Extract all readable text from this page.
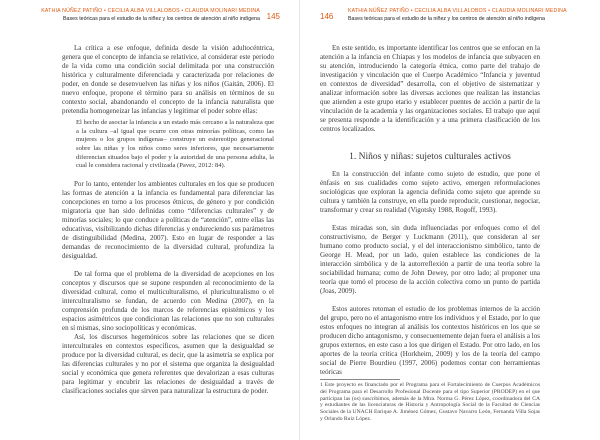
KATHIA NÚÑEZ PATIÑO • CECILIA ALBA VILLALOBOS • CLAUDIA MOLINARI MEDINA
Bases teóricas para el estudio de la niñez y los centros de atención al niño indígena 145

La crítica a ese enfoque, definida desde la visión adultocéntrica, genera que el concepto de infancia se relativice, al considerar este periodo de la vida como una condición social delimitada por una construcción histórica y culturalmente diferenciada y caracterizada por relaciones de poder, en donde se desenvuelven las niñas y los niños (Gaitán, 2006). El nuevo enfoque, propone el término para su análisis en términos de su contexto social, abandonando el concepto de la infancia naturalista que pretendía homogeneizar las infancias y legitimar el poder sobre ellas:

El hecho de asociar la infancia a un estado más cercano a la naturaleza que a la cultura –al igual que ocurre con otras minorías políticas, como las mujeres o los grupos indígenas– construye un estereotipo generacional sobre las niñas y los niños como seres inferiores, que necesariamente diferencian situados bajo el poder y la autoridad de una persona adulta, la cual le considera racional y civilizada (Pavez, 2012: 84).

Por lo tanto, entender los ambientes culturales en los que se producen las formas de atención a la infancia es fundamental para diferenciar las concepciones en torno a los procesos étnicos, de género y por condición migratoria que han sido definidas como “diferencias culturales” y de minorías sociales; lo que conduce a políticas de “atención”, entre ellas las educativas, visibilizando dichas diferencias y endureciendo sus parámetros de distinguibilidad (Medina, 2007). Esto en lugar de responder a las demandas de reconocimiento de la diversidad cultural, profundiza la desigualdad.

De tal forma que el problema de la diversidad de acepciones en los conceptos y discursos que se supone responden al reconocimiento de la diversidad cultural, como el multiculturalismo, el pluriculturalismo o el interculturalismo se fundan, de acuerdo con Medina (2007), en la comprensión profunda de los marcos de referencias epistémicos y los espacios asimétricos que condicionan las relaciones que no son culturales en sí mismas, sino sociopolíticas y económicas.

Así, los discursos hegemónicos sobre las relaciones que se dicen interculturales en contextos específicos, asumen que la desigualdad se produce por la diversidad cultural, es decir, que la asimetría se explica por las diferencias culturales y no por el sistema que organiza la desigualdad social y económica que genera referentes que devalorizan a esas culturas para legitimar y encubrir las relaciones de desigualdad a través de clasificaciones sociales que sirven para naturalizar la estructura de poder.

146
KATHIA NÚÑEZ PATIÑO • CECILIA ALBA VILLALOBOS • CLAUDIA MOLINARI MEDINA
Bases teóricas para el estudio de la niñez y los centros de atención al niño indígena

En este sentido, es importante identificar los centros que se enfocan en la atención a la infancia en Chiapas y los modelos de infancia que subyacen en su atención, introduciendo la categoría étnica, como parte del trabajo de investigación y vinculación que el Cuerpo Académico “Infancia y juventud en contextos de diversidad” desarrolla, con el objetivo de sistematizar y analizar información sobre las diversas acciones que realizan las instancias que atienden a este grupo etario y establecer puentes de acción a partir de la vinculación de la academia y las organizaciones sociales. El trabajo que aquí se presenta responde a la identificación y a una primera clasificación de los centros localizados.

1. Niños y niñas: sujetos culturales activos

En la construcción del infante como sujeto de estudio, que pone el énfasis en sus cualidades como sujeto activo, emergen reformulaciones sociológicas que exploran la agencia definida como sujeto que aprende su cultura y también la construye, en ella puede reproducir, cuestionar, negociar, transformar y crear su realidad (Vigotsky 1988, Rogoff, 1993).

Estas miradas son, sin duda influenciadas por enfoques como el del constructivismo, de Berger y Luckmann (2011), que consideran al ser humano como producto social, y el del interaccionismo simbólico, tanto de George H. Mead, por un lado, quien establece las condiciones de la interacción simbólica y de la autorreflexión a partir de una teoría sobre la sociabilidad humana; como de John Dewey, por otro lado; al proponer una teoría que tomó el proceso de la acción colectiva como un punto de partida (Joas, 2009).

Estos autores retoman el estudio de los problemas internos de la acción del grupo, pero no el antagonismo entre los individuos y el Estado, por lo que estos enfoques no integran al análisis los contextos históricos en los que se producen dicho antagonismo, y consecuentemente dejan fuera el análisis a los grupos externos, en este caso a los que dirigen el Estado. Por otro lado, en los aportes de la teoría crítica (Horkheim, 2009) y los de la teoría del campo social de Pierre Bourdieu (1997, 2006) podemos contar con herramientas teóricas

1 Este proyecto es financiado por el Programa para el Fortalecimiento de Cuerpos Académicos del Programa para el Desarrollo Profesional Docente para el tipo Superior (PRODEP) en el que participan las (os) suscribimos, además de la Mtra. Norma G. Pérez López, coordinadora del CA y estudiantes de las licenciaturas de Historia y Antropología Social de la Facultad de Ciencias Sociales de la UNACH Enrique A. Jiménez Gómez, Gustavo Navarro León, Fernanda Villa Sojas y Orlando Ruiz López.
